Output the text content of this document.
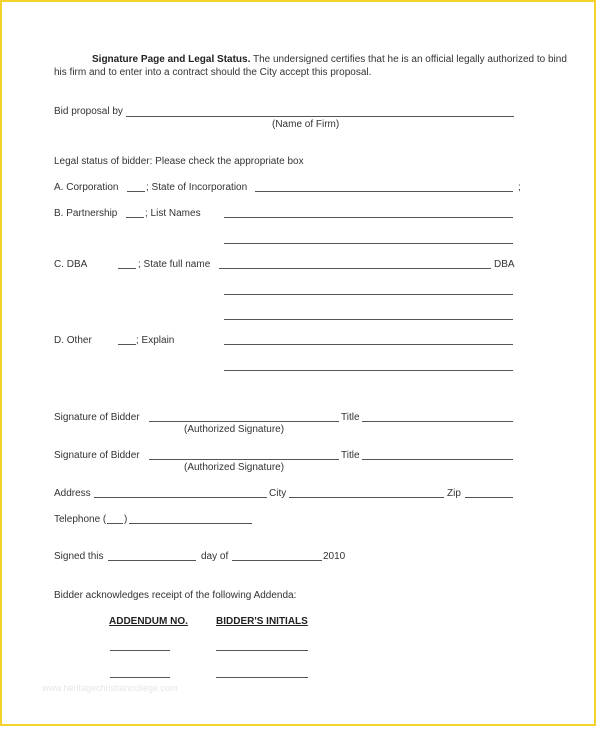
Signature Page and Legal Status. The undersigned certifies that he is an official legally authorized to bind
his firm and to enter into a contract should the City accept this proposal.
Bid proposal by
(Name of Firm)
Legal status of bidder: Please check the appropriate box
A. Corporation	; State of Incorporation	;
B. Partnership	; List Names
C. DBA	; State full name	DBA
D. Other	; Explain
Signature of Bidder	Title
(Authorized Signature)
Signature of Bidder	Title
(Authorized Signature)
Address	City	Zip
Telephone ( )
Signed this	day of	2010
Bidder acknowledges receipt of the following Addenda:
ADDENDUM NO.	BIDDER'S INITIALS
www.heritagechristiancollege.com
